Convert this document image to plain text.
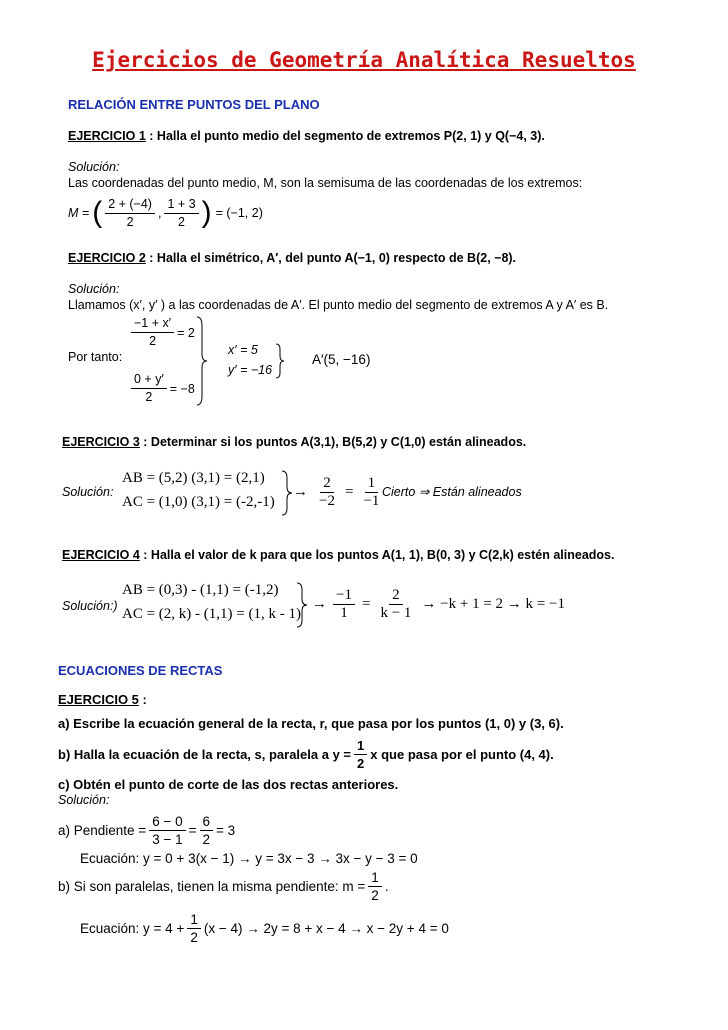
Ejercicios de Geometría Analítica Resueltos
RELACIÓN ENTRE PUNTOS DEL PLANO
EJERCICIO 1 : Halla el punto medio del segmento de extremos P(2, 1) y Q(−4, 3).
Solución:
Las coordenadas del punto medio, M, son la semisuma de las coordenadas de los extremos:
M = ( $\frac{2 + (-4)}{2}$ , $\frac{1 + 3}{2}$ ) = (−1, 2)
EJERCICIO 2 : Halla el simétrico, A′, del punto A(−1, 0) respecto de B(2, −8).
Solución:
Llamamos (x′, y′ ) a las coordenadas de A′. El punto medio del segmento de extremos A y A′ es B.
$\frac{-1 + x'}{2} = 2$
Por tanto:
$\frac{0 + y'}{2} = -8$
x′ = 5
y′ = −16
A′(5, −16)
EJERCICIO 3 : Determinar si los puntos A(3,1), B(5,2) y C(1,0) están alineados.
Solución:
AB = (5,2) (3,1) = (2,1)
AC = (1,0) (3,1) = (-2,-1)
→ $\frac{2}{-2} = \frac{1}{-1}$ Cierto ⇒ Están alineados
EJERCICIO 4 : Halla el valor de k para que los puntos A(1, 1), B(0, 3) y C(2,k) estén alineados.
Solución:)
AB = (0,3) - (1,1) = (-1,2)
AC = (2, k) - (1,1) = (1, k - 1)
→ $\frac{-1}{1} = \frac{2}{k - 1} \to -k + 1 = 2 \to k = -1$
ECUACIONES DE RECTAS
EJERCICIO 5 :
a) Escribe la ecuación general de la recta, r, que pasa por los puntos (1, 0) y (3, 6).
b) Halla la ecuación de la recta, s, paralela a $y = \frac{1}{2}$ x que pasa por el punto (4, 4).
c) Obtén el punto de corte de las dos rectas anteriores.
Solución:
a) Pendiente = $\frac{6 - 0}{3 - 1} = \frac{6}{2} = 3$
Ecuación: y = 0 + 3(x − 1) → y = 3x − 3 → 3x − y − 3 = 0
b) Si son paralelas, tienen la misma pendiente: $m = \frac{1}{2}$ .
Ecuación: $y = 4 + \frac{1}{2} (x - 4) \to 2y = 8 + x - 4 \to x - 2y + 4 = 0$
